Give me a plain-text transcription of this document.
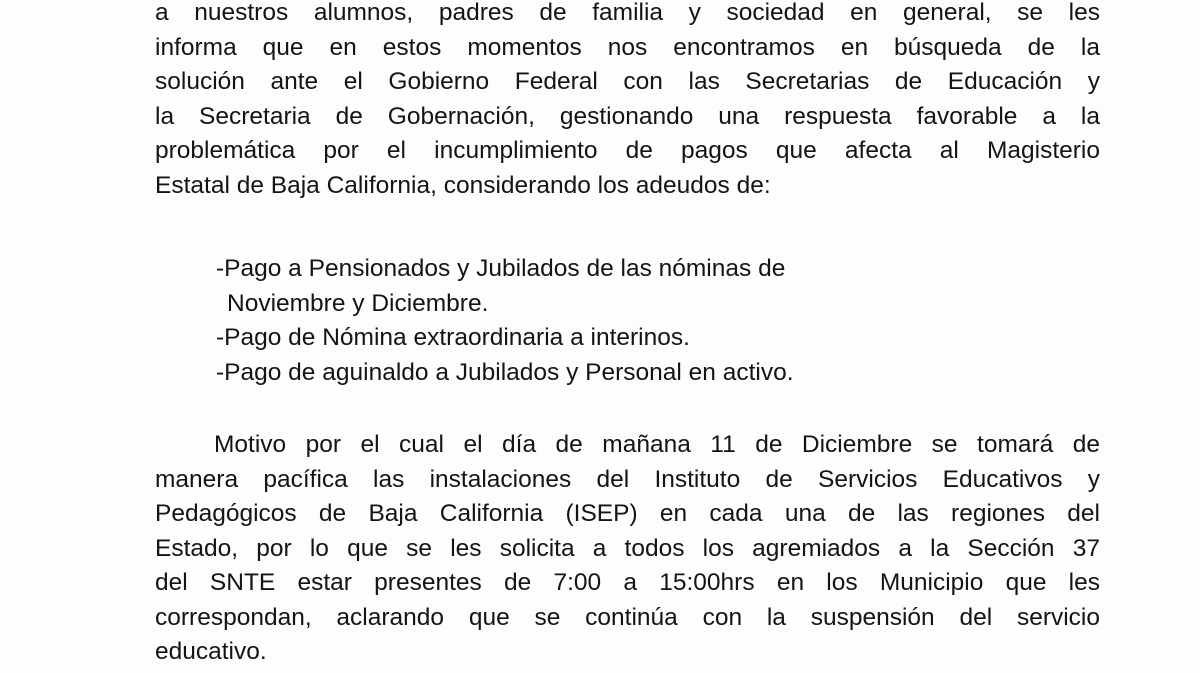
a nuestros alumnos, padres de familia y sociedad en general, se les
informa que en estos momentos nos encontramos en búsqueda de la
solución ante el Gobierno Federal con las Secretarias de Educación y
la Secretaria de Gobernación, gestionando una respuesta favorable a la
problemática por el incumplimiento de pagos que afecta al Magisterio
Estatal de Baja California, considerando los adeudos de:

-Pago a Pensionados y Jubilados de las nóminas de
Noviembre y Diciembre.
-Pago de Nómina extraordinaria a interinos.
-Pago de aguinaldo a Jubilados y Personal en activo.

Motivo por el cual el día de mañana 11 de Diciembre se tomará de
manera pacífica las instalaciones del Instituto de Servicios Educativos y
Pedagógicos de Baja California (ISEP) en cada una de las regiones del
Estado, por lo que se les solicita a todos los agremiados a la Sección 37
del SNTE estar presentes de 7:00 a 15:00hrs en los Municipio que les
correspondan, aclarando que se continúa con la suspensión del servicio
educativo.
